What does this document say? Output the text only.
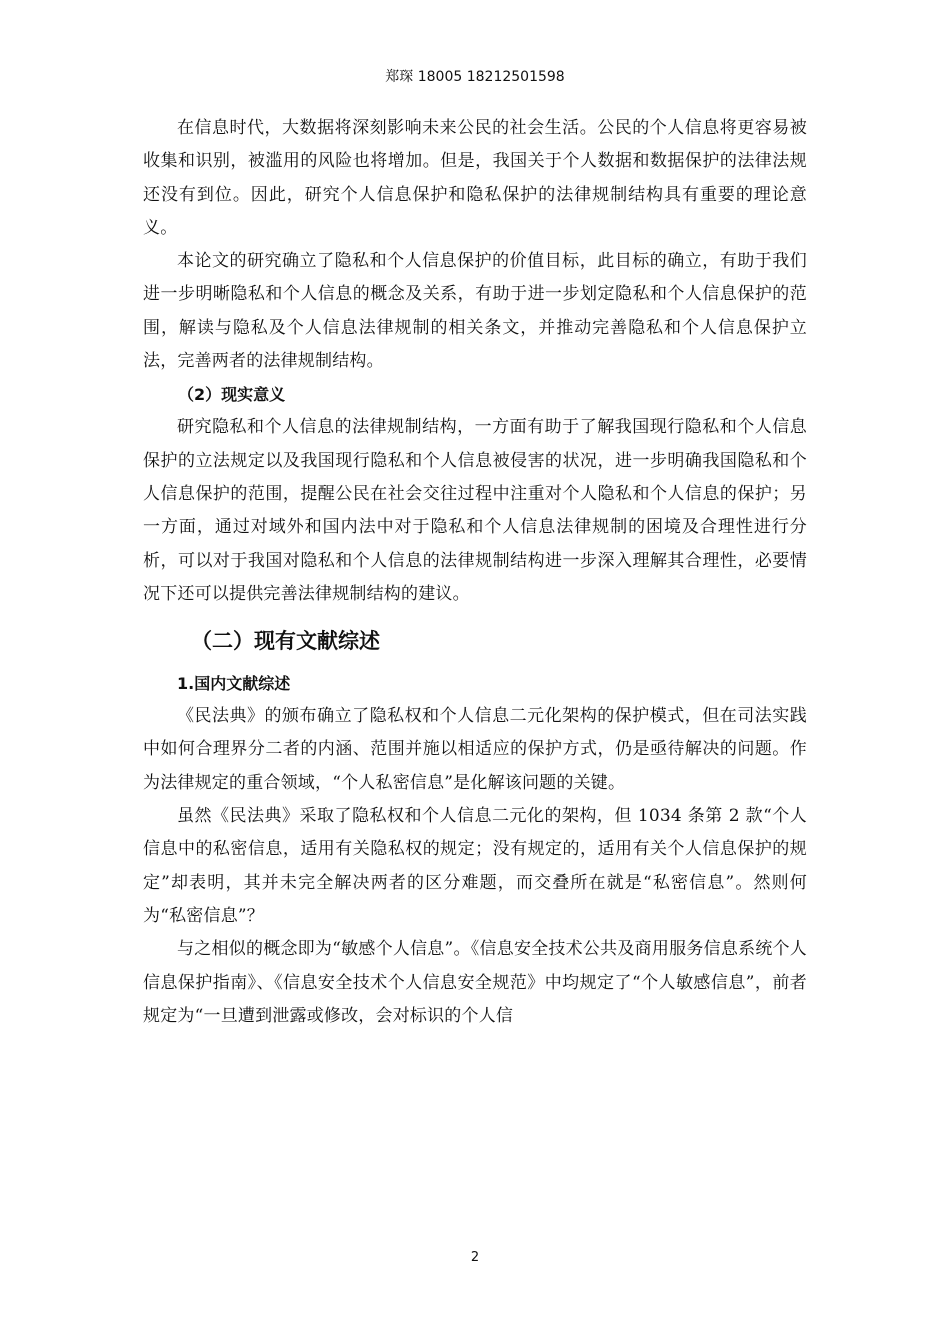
郑琛 18005 18212501598

在信息时代，大数据将深刻影响未来公民的社会生活。公民的个人信息将更容易被收集和识别，被滥用的风险也将增加。但是，我国关于个人数据和数据保护的法律法规还没有到位。因此，研究个人信息保护和隐私保护的法律规制结构具有重要的理论意义。

本论文的研究确立了隐私和个人信息保护的价值目标，此目标的确立，有助于我们进一步明晰隐私和个人信息的概念及关系，有助于进一步划定隐私和个人信息保护的范围，解读与隐私及个人信息法律规制的相关条文，并推动完善隐私和个人信息保护立法，完善两者的法律规制结构。

（2）现实意义

研究隐私和个人信息的法律规制结构，一方面有助于了解我国现行隐私和个人信息保护的立法规定以及我国现行隐私和个人信息被侵害的状况，进一步明确我国隐私和个人信息保护的范围，提醒公民在社会交往过程中注重对个人隐私和个人信息的保护；另一方面，通过对域外和国内法中对于隐私和个人信息法律规制的困境及合理性进行分析，可以对于我国对隐私和个人信息的法律规制结构进一步深入理解其合理性，必要情况下还可以提供完善法律规制结构的建议。

（二）现有文献综述
1.国内文献综述

《民法典》的颁布确立了隐私权和个人信息二元化架构的保护模式，但在司法实践中如何合理界分二者的内涵、范围并施以相适应的保护方式，仍是亟待解决的问题。作为法律规定的重合领域，“个人私密信息”是化解该问题的关键。

虽然《民法典》采取了隐私权和个人信息二元化的架构，但 1034 条第 2 款“个人信息中的私密信息，适用有关隐私权的规定；没有规定的，适用有关个人信息保护的规定”却表明，其并未完全解决两者的区分难题，而交叠所在就是“私密信息”。然则何为“私密信息”？

与之相似的概念即为“敏感个人信息”。《信息安全技术公共及商用服务信息系统个人信息保护指南》、《信息安全技术个人信息安全规范》中均规定了“个人敏感信息”，前者规定为“一旦遭到泄露或修改，会对标识的个人信

2
